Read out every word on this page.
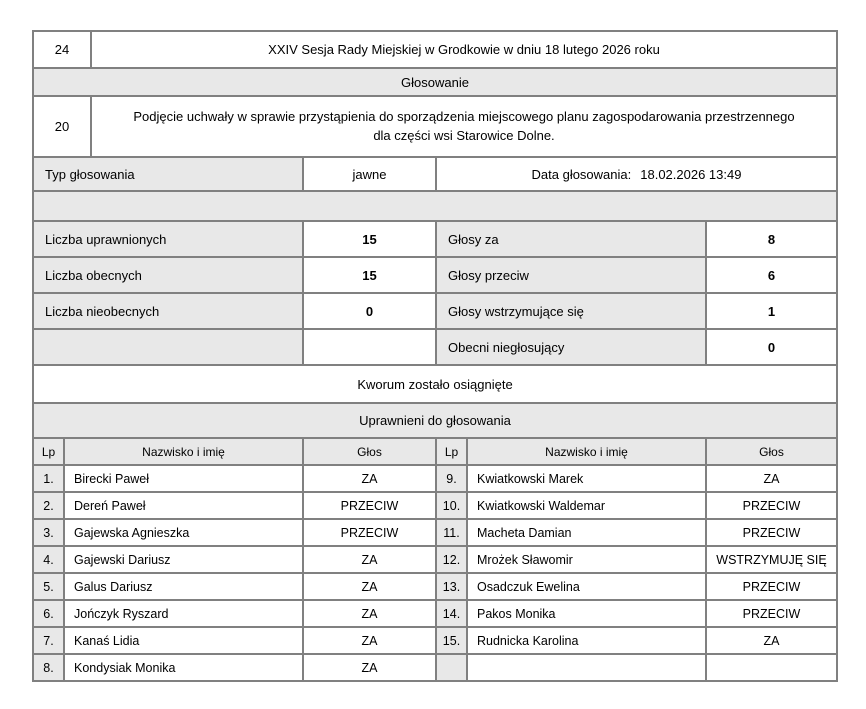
24	XXIV Sesja Rady Miejskiej w Grodkowie w dniu 18 lutego 2026 roku
Głosowanie
20
Podjęcie uchwały w sprawie przystąpienia do sporządzenia miejscowego planu zagospodarowania przestrzennego dla części wsi Starowice Dolne.
Typ głosowania	jawne	Data głosowania: 18.02.2026 13:49
Liczba uprawnionych	15	Głosy za	8
Liczba obecnych	15	Głosy przeciw	6
Liczba nieobecnych	0	Głosy wstrzymujące się	1
Obecni niegłosujący	0
Kworum zostało osiągnięte
Uprawnieni do głosowania
Lp	Nazwisko i imię	Głos	Lp	Nazwisko i imię	Głos
1.	Birecki Paweł	ZA	9.	Kwiatkowski Marek	ZA
2.	Dereń Paweł	PRZECIW	10.	Kwiatkowski Waldemar	PRZECIW
3.	Gajewska Agnieszka	PRZECIW	11.	Macheta Damian	PRZECIW
4.	Gajewski Dariusz	ZA	12.	Mrożek Sławomir	WSTRZYMUJĘ SIĘ
5.	Galus Dariusz	ZA	13.	Osadczuk Ewelina	PRZECIW
6.	Jończyk Ryszard	ZA	14.	Pakos Monika	PRZECIW
7.	Kanaś Lidia	ZA	15.	Rudnicka Karolina	ZA
8.	Kondysiak Monika	ZA
